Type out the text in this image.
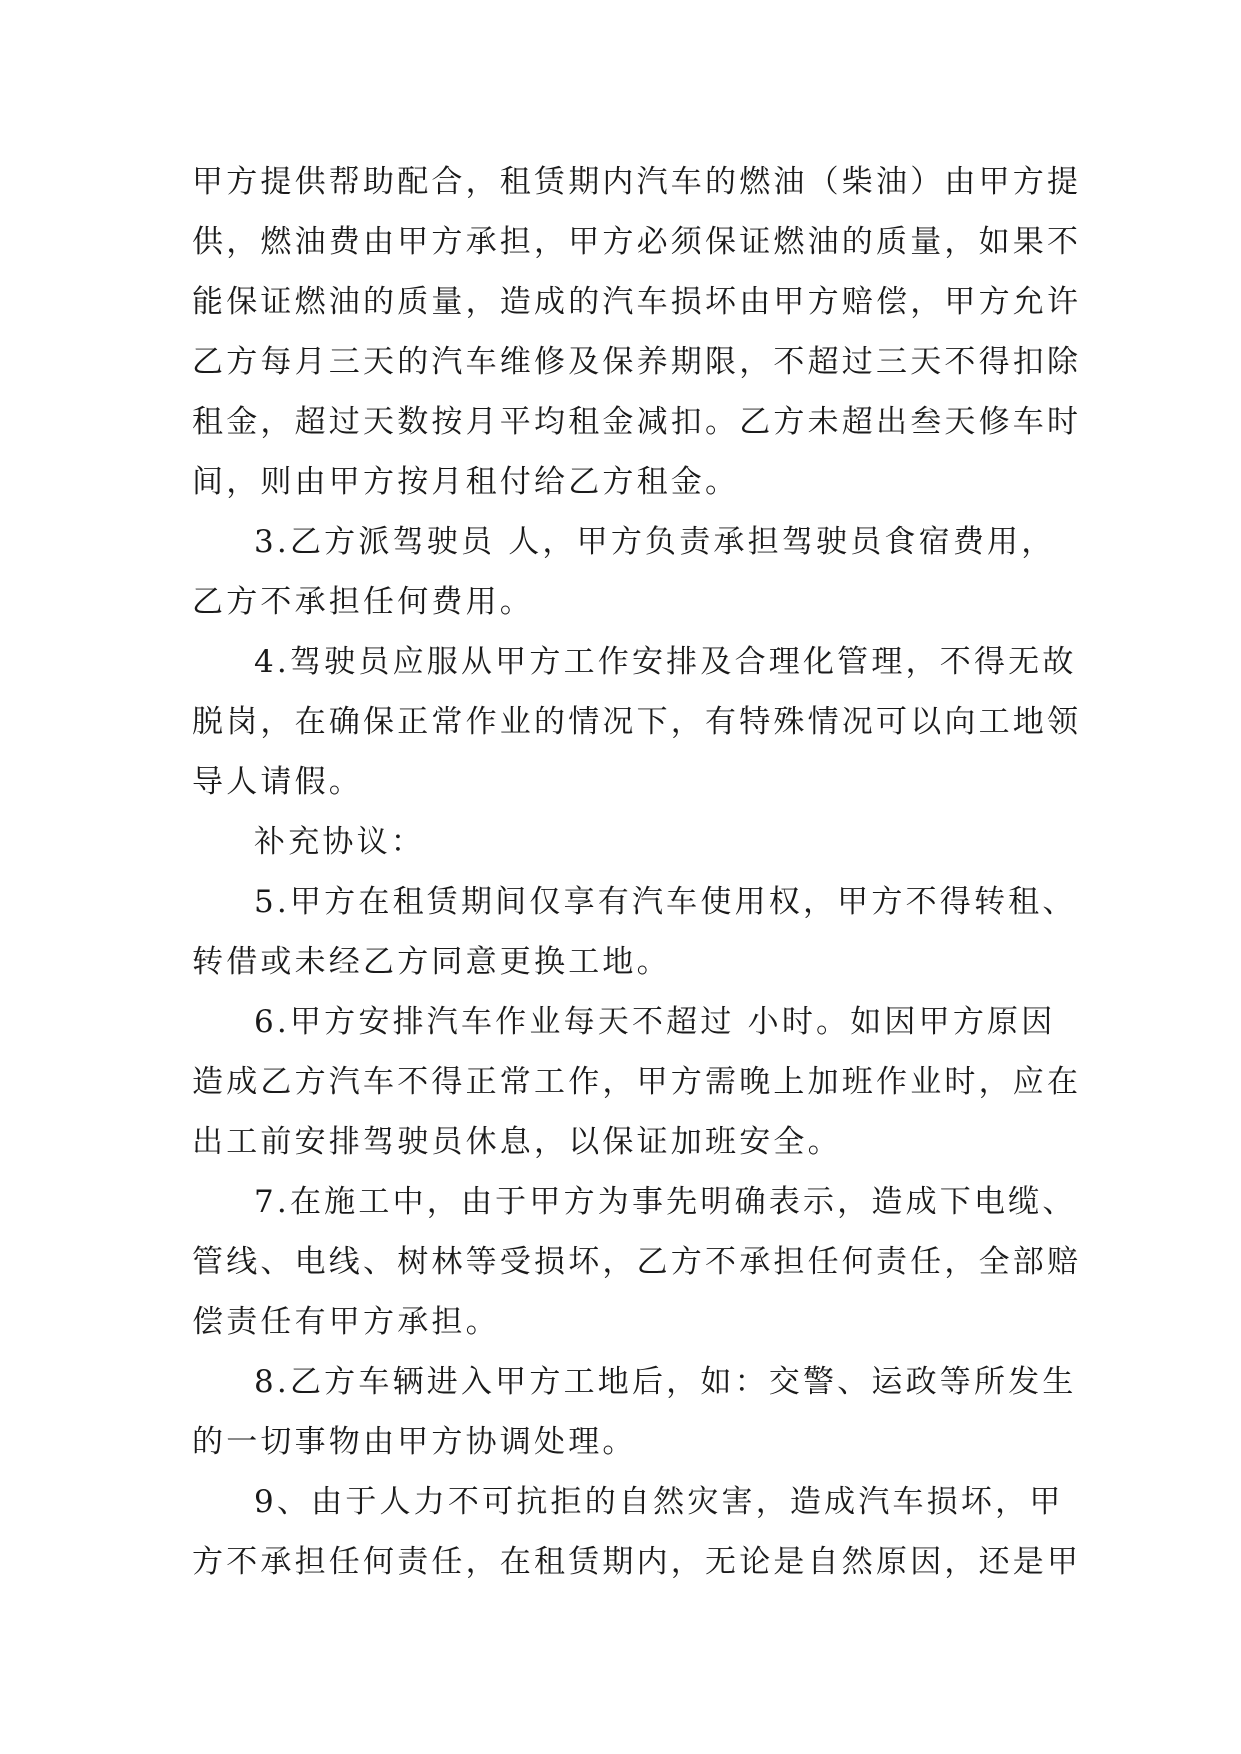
甲方提供帮助配合，租赁期内汽车的燃油（柴油）由甲方提
供，燃油费由甲方承担，甲方必须保证燃油的质量，如果不
能保证燃油的质量，造成的汽车损坏由甲方赔偿，甲方允许
乙方每月三天的汽车维修及保养期限，不超过三天不得扣除
租金，超过天数按月平均租金减扣。乙方未超出叁天修车时
间，则由甲方按月租付给乙方租金。
3.乙方派驾驶员 人，甲方负责承担驾驶员食宿费用，
乙方不承担任何费用。
4.驾驶员应服从甲方工作安排及合理化管理，不得无故
脱岗，在确保正常作业的情况下，有特殊情况可以向工地领
导人请假。
补充协议：
5.甲方在租赁期间仅享有汽车使用权，甲方不得转租、
转借或未经乙方同意更换工地。
6.甲方安排汽车作业每天不超过 小时。如因甲方原因
造成乙方汽车不得正常工作，甲方需晚上加班作业时，应在
出工前安排驾驶员休息，以保证加班安全。
7.在施工中，由于甲方为事先明确表示，造成下电缆、
管线、电线、树林等受损坏，乙方不承担任何责任，全部赔
偿责任有甲方承担。
8.乙方车辆进入甲方工地后，如：交警、运政等所发生
的一切事物由甲方协调处理。
9、由于人力不可抗拒的自然灾害，造成汽车损坏，甲
方不承担任何责任，在租赁期内，无论是自然原因，还是甲
